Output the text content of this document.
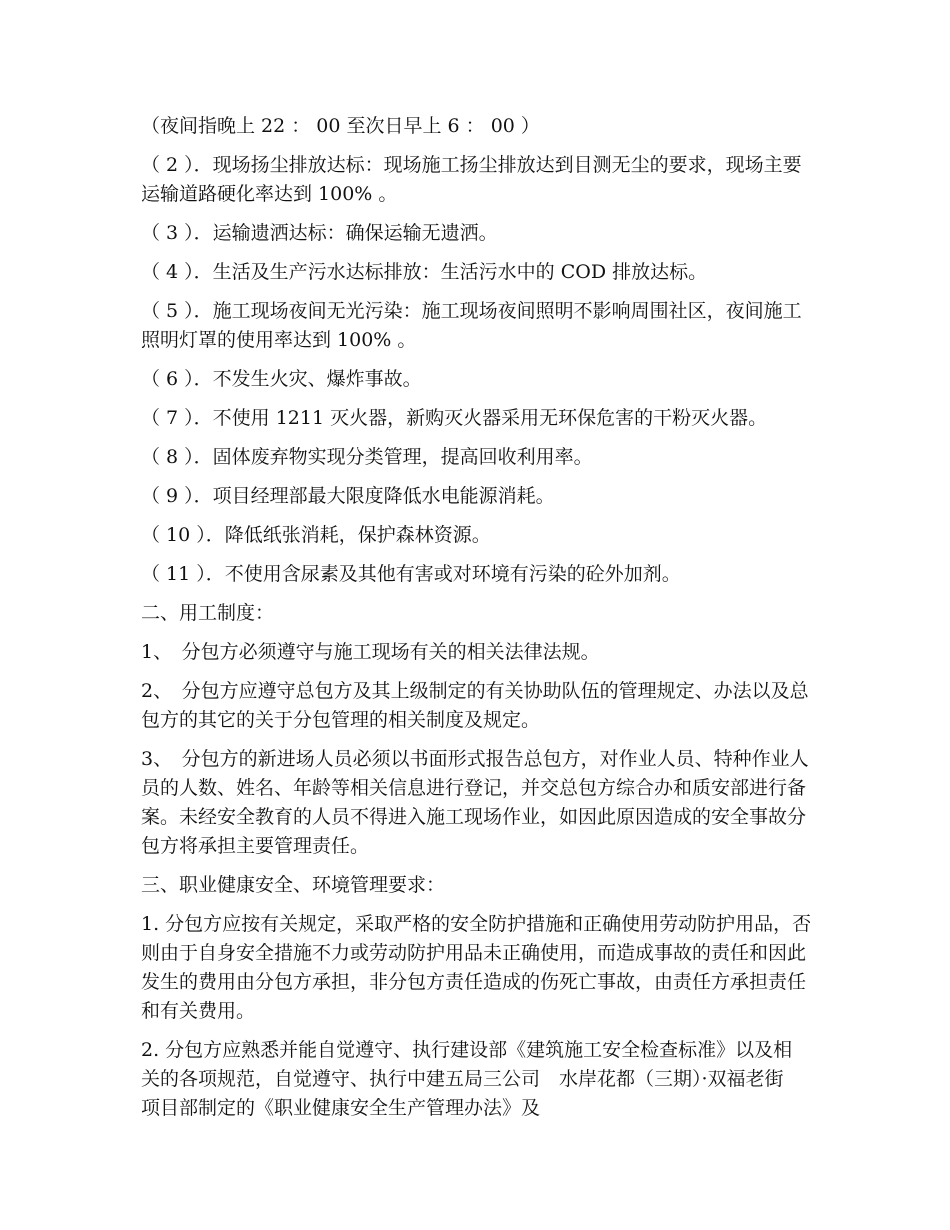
（夜间指晚上 22 ： 00 至次日早上 6 ： 00 ）

（ 2 ）．现场扬尘排放达标：现场施工扬尘排放达到目测无尘的要求，现场主要运输道路硬化率达到 100% 。

（ 3 ）．运输遗洒达标：确保运输无遗洒。

（ 4 ）．生活及生产污水达标排放：生活污水中的 COD 排放达标。

（ 5 ）．施工现场夜间无光污染：施工现场夜间照明不影响周围社区，夜间施工照明灯罩的使用率达到 100% 。

（ 6 ）．不发生火灾、爆炸事故。

（ 7 ）．不使用 1211 灭火器，新购灭火器采用无环保危害的干粉灭火器。

（ 8 ）．固体废弃物实现分类管理，提高回收利用率。

（ 9 ）．项目经理部最大限度降低水电能源消耗。

（ 10 ）．降低纸张消耗，保护森林资源。

（ 11 ）．不使用含尿素及其他有害或对环境有污染的砼外加剂。

二、用工制度：

1、　分包方必须遵守与施工现场有关的相关法律法规。

2、　分包方应遵守总包方及其上级制定的有关协助队伍的管理规定、办法以及总包方的其它的关于分包管理的相关制度及规定。

3、　分包方的新进场人员必须以书面形式报告总包方，对作业人员、特种作业人员的人数、姓名、年龄等相关信息进行登记，并交总包方综合办和质安部进行备案。未经安全教育的人员不得进入施工现场作业，如因此原因造成的安全事故分包方将承担主要管理责任。

三、职业健康安全、环境管理要求：

1. 分包方应按有关规定，采取严格的安全防护措施和正确使用劳动防护用品，否则由于自身安全措施不力或劳动防护用品未正确使用，而造成事故的责任和因此发生的费用由分包方承担，非分包方责任造成的伤死亡事故，由责任方承担责任和有关费用。

2. 分包方应熟悉并能自觉遵守、执行建设部《建筑施工安全检查标准》以及相 关的各项规范，自觉遵守、执行中建五局三公司　水岸花都（三期）·双福老街　项目部制定的《职业健康安全生产管理办法》及
